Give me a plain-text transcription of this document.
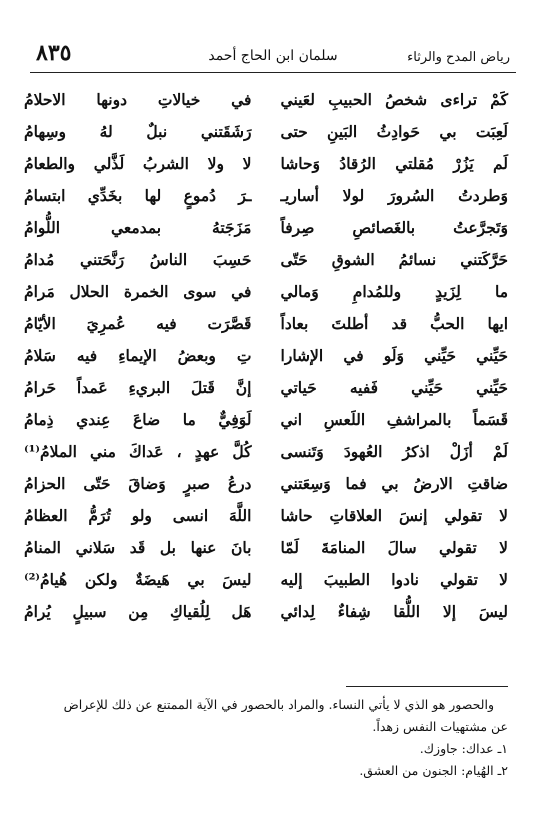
رياض المدح والرثاء
سلمان ابن الحاج أحمد
٨٣٥
كَمْ تراءى شخصُ الحبيبِ لعَيني
في خيالاتِ دونها الاحلامُ
لَعِبَت بي حَوادِثُ البَينِ حتى
رَشَقَتني نبلٌ لهُ وسِهامُ
لَم يَزُرْ مُقلتي الرُقادُ وَحاشا
لا ولا الشربُ لَذَّلي والطعامُ
وَطردتُ السُرورَ لولا أساريـ
ـرَ دُموعٍ لها بخَدِّي ابتسامُ
وَتَجرَّعتُ بالغَصائصِ صِرفاً
مَزَجَتهُ بمدمعي اللُّوامُ
حَرَّكَتني نسائمُ الشوقِ حَتّى
حَسِبَ الناسُ رَنَّحَتني مُدامُ
ما لِزَيدٍ وللمُدامِ وَمالي
في سوى الخمرة الحلال مَرامُ
ايها الحبُّ قد أطلتَ بعاداً
قَصَّرَت فيه عُمرِيَ الأيّامُ
حَيِّني حَيِّني وَلَو في الإشارا
تِ وبعضُ الإيماءِ فيه سَلامُ
حَيِّني حَيِّني فَفيه حَياتي
إنَّ قَتلَ البريءِ عَمداً حَرامُ
قَسَماً بالمراشفِ اللَعسِ اني
لَوَفِيٌّ ما ضاعَ عِندي ذِمامُ
لَمْ أزَلْ اذكرُ العُهودَ وَتَنسى
كُلَّ عهدٍ ، عَداكَ مني الملامُ⁽¹⁾
ضاقتِ الارضُ بي فما وَسِعَتني
درعُ صبرٍ وَضاقَ حَتّى الحزامُ
لا تقولي إنسَ العلاقاتِ حاشا
اللَّهَ انسى ولو تُرَمُّ العظامُ
لا تقولي سالَ المنامَةَ لَمّا
بانَ عنها بل قَد سَلاني المنامُ
لا تقولي نادوا الطبيبَ إليه
ليسَ بي هَيضَةٌ ولكن هُيامُ⁽²⁾
ليسَ إلا اللُّقا شِفاءٌ لِدائي
هَل لِلُقياكِ مِن سبيلٍ يُرامُ
والحصور هو الذي لا يأتي النساء. والمراد بالحصور في الآية الممتنع عن ذلك للإعراض
عن مشتهيات النفس زهداً.
١ـ عداك: جاوزك.
٢ـ الهُيام: الجنون من العشق.
